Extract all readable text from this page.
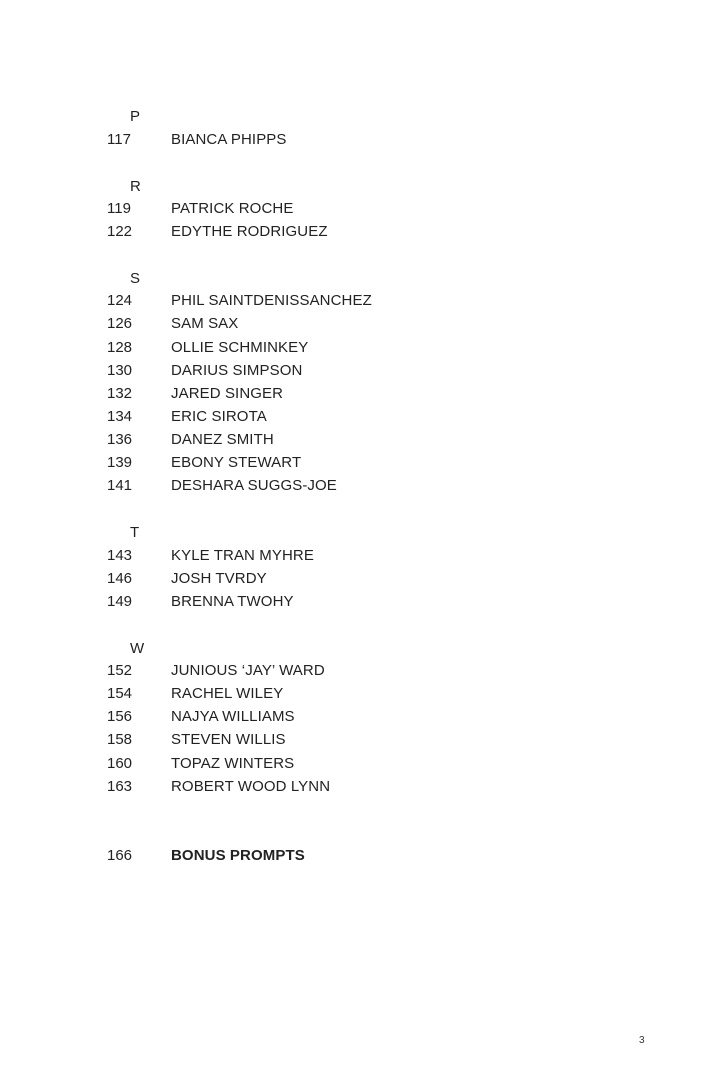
P
117	BIANCA PHIPPS
R
119	PATRICK ROCHE
122	EDYTHE RODRIGUEZ
S
124	PHIL SAINTDENISSANCHEZ
126	SAM SAX
128	OLLIE SCHMINKEY
130	DARIUS SIMPSON
132	JARED SINGER
134	ERIC SIROTA
136	DANEZ SMITH
139	EBONY STEWART
141	DESHARA SUGGS-JOE
T
143	KYLE TRAN MYHRE
146	JOSH TVRDY
149	BRENNA TWOHY
W
152	JUNIOUS ‘JAY’ WARD
154	RACHEL WILEY
156	NAJYA WILLIAMS
158	STEVEN WILLIS
160	TOPAZ WINTERS
163	ROBERT WOOD LYNN
166	BONUS PROMPTS
3
